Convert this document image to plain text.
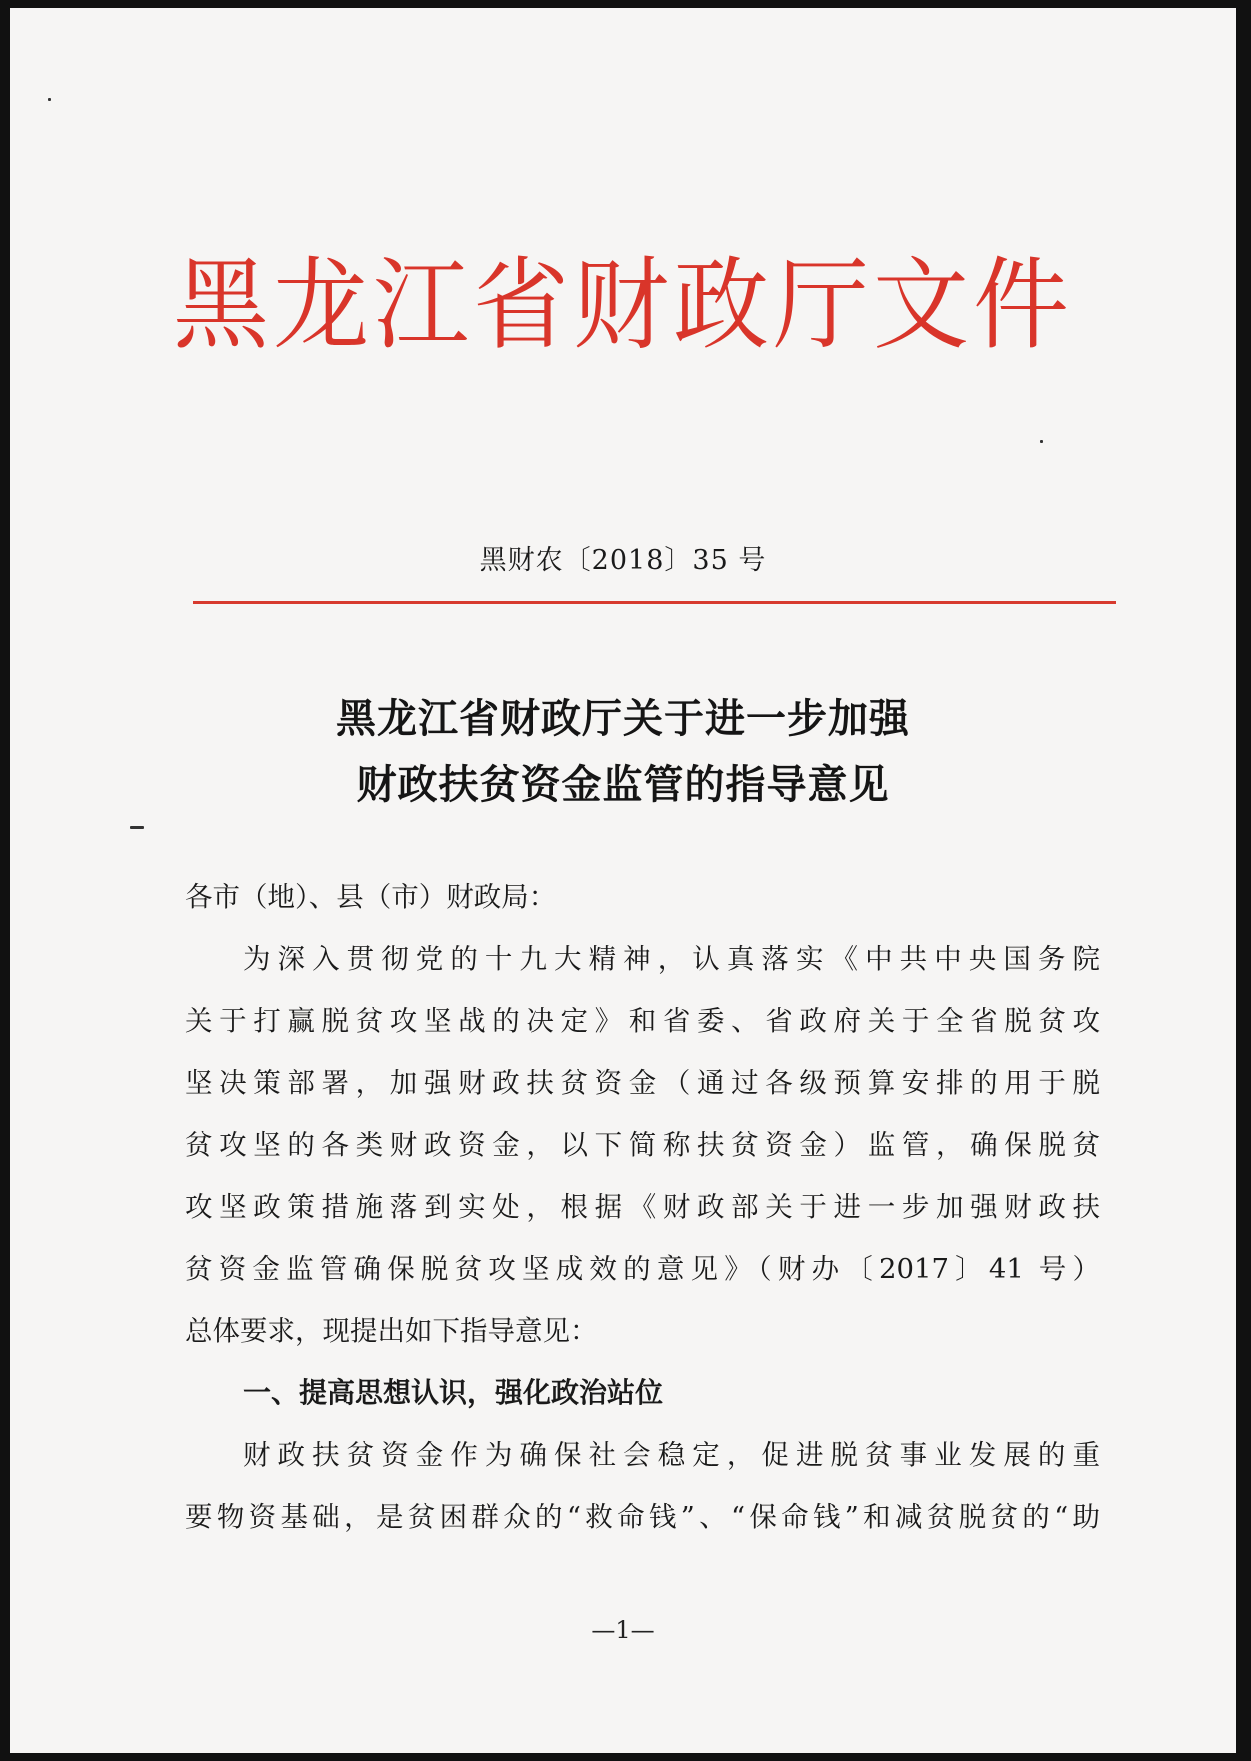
黑龙江省财政厅文件
黑财农〔2018〕35 号
黑龙江省财政厅关于进一步加强
财政扶贫资金监管的指导意见
各市（地）、县（市）财政局：
为深入贯彻党的十九大精神，认真落实《中共中央国务院
关于打赢脱贫攻坚战的决定》和省委、省政府关于全省脱贫攻
坚决策部署，加强财政扶贫资金（通过各级预算安排的用于脱
贫攻坚的各类财政资金，以下简称扶贫资金）监管，确保脱贫
攻坚政策措施落到实处，根据《财政部关于进一步加强财政扶
贫资金监管确保脱贫攻坚成效的意见》（财办〔2017〕41 号）
总体要求，现提出如下指导意见：
一、提高思想认识，强化政治站位
财政扶贫资金作为确保社会稳定，促进脱贫事业发展的重
要物资基础，是贫困群众的“救命钱”、“保命钱”和减贫脱贫的“助
—1—
